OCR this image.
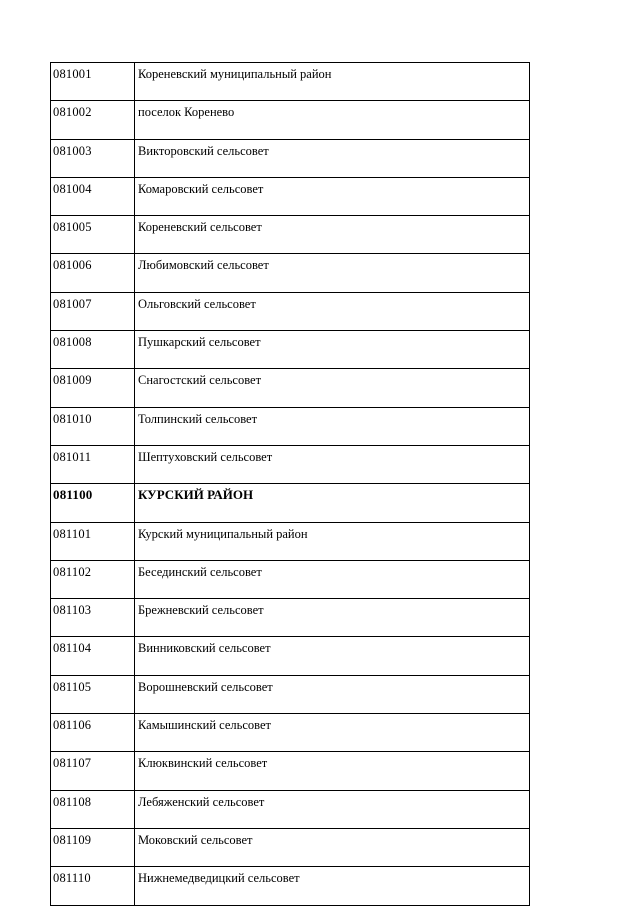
081001	Кореневский муниципальный район
081002	поселок Коренево
081003	Викторовский сельсовет
081004	Комаровский сельсовет
081005	Кореневский сельсовет
081006	Любимовский сельсовет
081007	Ольговский сельсовет
081008	Пушкарский сельсовет
081009	Снагостский сельсовет
081010	Толпинский сельсовет
081011	Шептуховский сельсовет
081100	КУРСКИЙ РАЙОН
081101	Курский муниципальный район
081102	Бесединский сельсовет
081103	Брежневский сельсовет
081104	Винниковский сельсовет
081105	Ворошневский сельсовет
081106	Камышинский сельсовет
081107	Клюквинский сельсовет
081108	Лебяженский сельсовет
081109	Моковский сельсовет
081110	Нижнемедведицкий сельсовет
